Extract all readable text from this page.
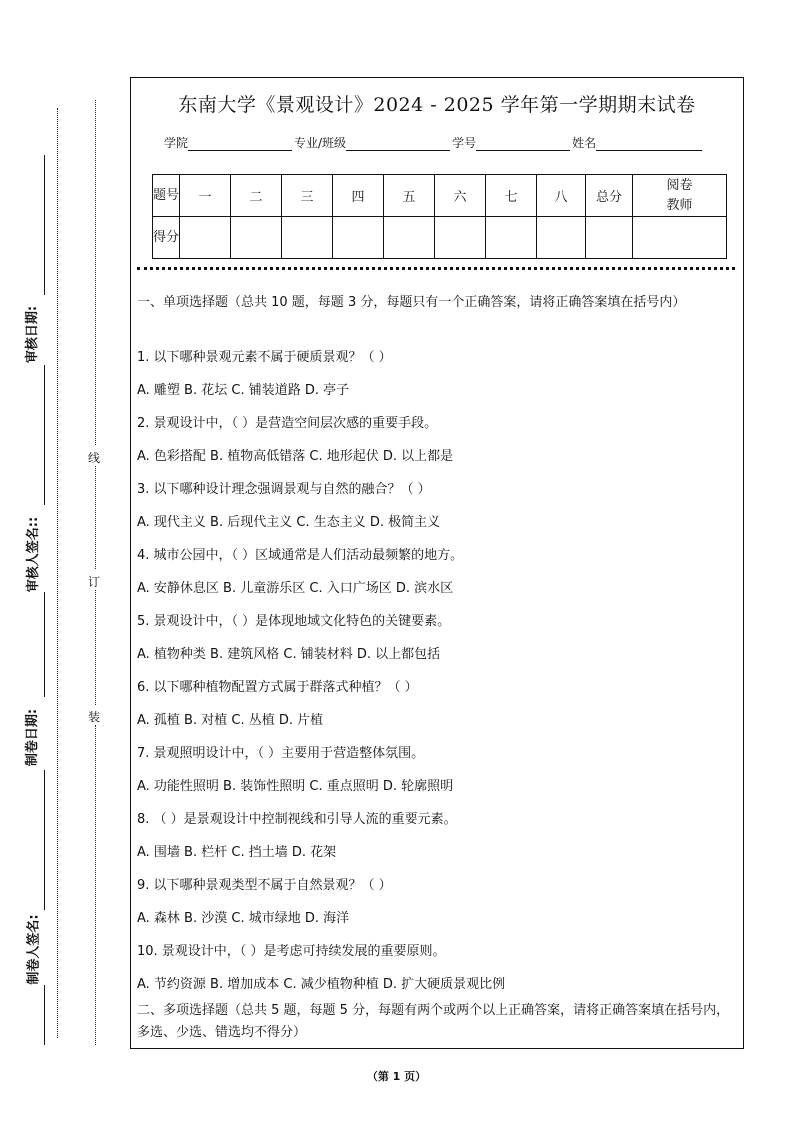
审核日期:
审核人签名::
制卷日期:
制卷人签名:
线
订
装
东南大学《景观设计》2024 - 2025 学年第一学期期末试卷
学院	专业/班级	学号	姓名
题号	一	二	三	四	五	六	七	八	总分	阅卷教师
得分										
一、单项选择题（总共 10 题，每题 3 分，每题只有一个正确答案，请将正确答案填在括号内）
1. 以下哪种景观元素不属于硬质景观？（ ）
A. 雕塑 B. 花坛 C. 铺装道路 D. 亭子
2. 景观设计中，（ ）是营造空间层次感的重要手段。
A. 色彩搭配 B. 植物高低错落 C. 地形起伏 D. 以上都是
3. 以下哪种设计理念强调景观与自然的融合？（ ）
A. 现代主义 B. 后现代主义 C. 生态主义 D. 极简主义
4. 城市公园中，（ ）区域通常是人们活动最频繁的地方。
A. 安静休息区 B. 儿童游乐区 C. 入口广场区 D. 滨水区
5. 景观设计中，（ ）是体现地域文化特色的关键要素。
A. 植物种类 B. 建筑风格 C. 铺装材料 D. 以上都包括
6. 以下哪种植物配置方式属于群落式种植？（ ）
A. 孤植 B. 对植 C. 丛植 D. 片植
7. 景观照明设计中，（ ）主要用于营造整体氛围。
A. 功能性照明 B. 装饰性照明 C. 重点照明 D. 轮廓照明
8. （ ）是景观设计中控制视线和引导人流的重要元素。
A. 围墙 B. 栏杆 C. 挡土墙 D. 花架
9. 以下哪种景观类型不属于自然景观？（ ）
A. 森林 B. 沙漠 C. 城市绿地 D. 海洋
10. 景观设计中，（ ）是考虑可持续发展的重要原则。
A. 节约资源 B. 增加成本 C. 减少植物种植 D. 扩大硬质景观比例
二、多项选择题（总共 5 题，每题 5 分，每题有两个或两个以上正确答案，请将正确答案填在括号内，多选、少选、错选均不得分）
（第 1 页）
